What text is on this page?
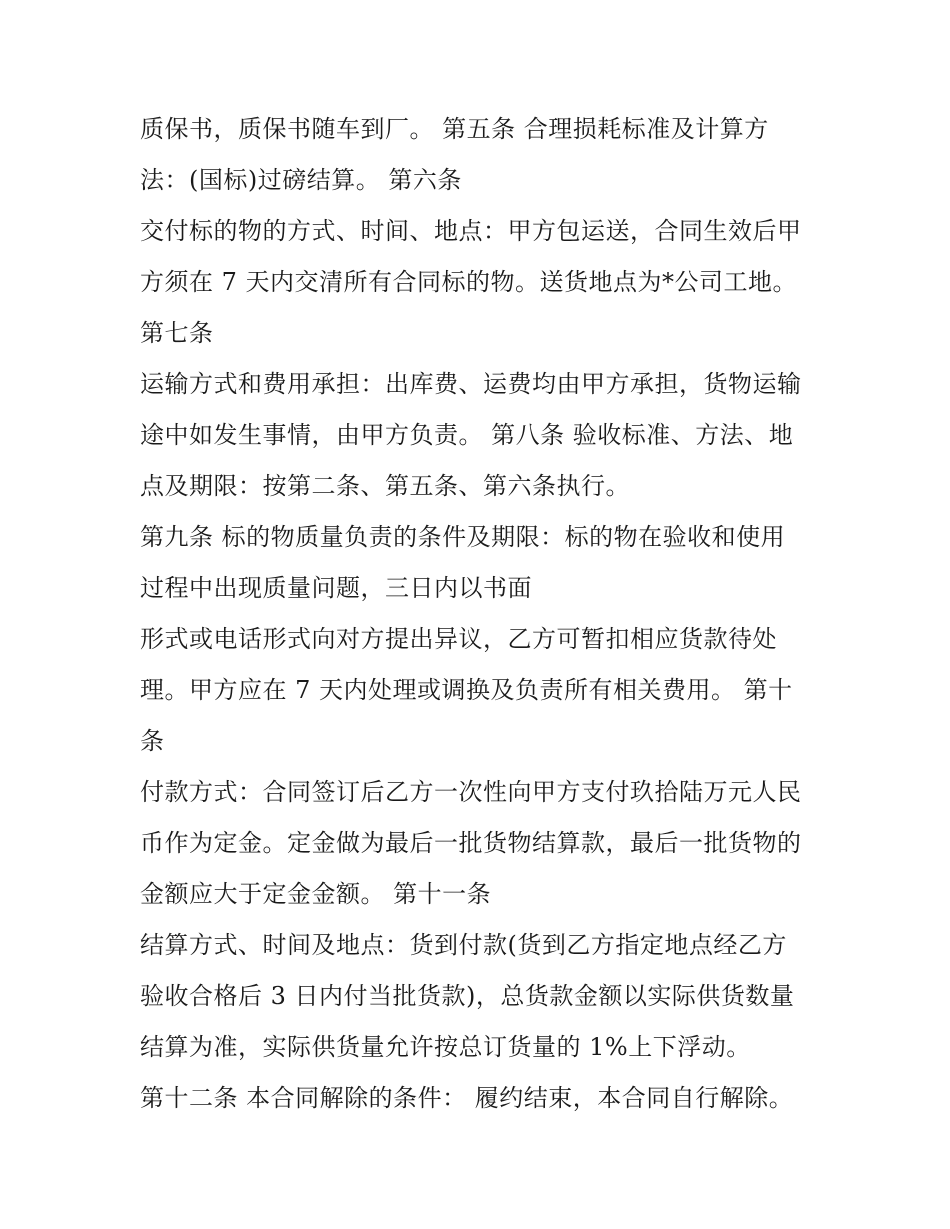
质保书，质保书随车到厂。 第五条 合理损耗标准及计算方
法：(国标)过磅结算。 第六条
交付标的物的方式、时间、地点：甲方包运送，合同生效后甲
方须在 7 天内交清所有合同标的物。送货地点为*公司工地。
第七条
运输方式和费用承担：出库费、运费均由甲方承担，货物运输
途中如发生事情，由甲方负责。 第八条 验收标准、方法、地
点及期限：按第二条、第五条、第六条执行。
第九条 标的物质量负责的条件及期限：标的物在验收和使用
过程中出现质量问题，三日内以书面
形式或电话形式向对方提出异议，乙方可暂扣相应货款待处
理。甲方应在 7 天内处理或调换及负责所有相关费用。 第十
条
付款方式：合同签订后乙方一次性向甲方支付玖拾陆万元人民
币作为定金。定金做为最后一批货物结算款，最后一批货物的
金额应大于定金金额。 第十一条
结算方式、时间及地点：货到付款(货到乙方指定地点经乙方
验收合格后 3 日内付当批货款)，总货款金额以实际供货数量
结算为准，实际供货量允许按总订货量的 1%上下浮动。
第十二条 本合同解除的条件： 履约结束，本合同自行解除。
